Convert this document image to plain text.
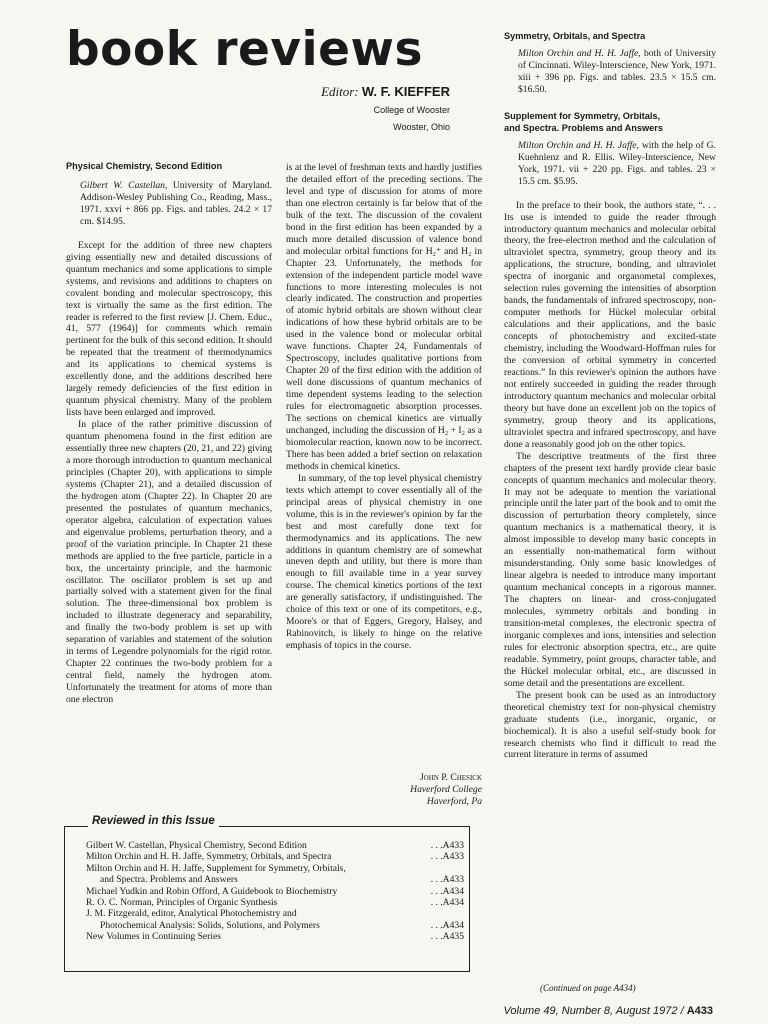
book reviews
Editor: W. F. KIEFFER
College of Wooster
Wooster, Ohio
Physical Chemistry, Second Edition

Gilbert W. Castellan, University of Maryland. Addison-Wesley Publishing Co., Reading, Mass., 1971. xxvi + 866 pp. Figs. and tables. 24.2 × 17 cm. $14.95.

Except for the addition of three new chapters giving essentially new and detailed discussions of quantum mechanics and some applications to simple systems, and revisions and additions to chapters on covalent bonding and molecular spectroscopy, this text is virtually the same as the first edition. The reader is referred to the first review [J. Chem. Educ., 41, 577 (1964)] for comments which remain pertinent for the bulk of this second edition. It should be repeated that the treatment of thermodynamics and its applications to chemical systems is excellently done, and the additions described here largely remedy deficiencies of the first edition in quantum physical chemistry. Many of the problem lists have been enlarged and improved.

In place of the rather primitive discussion of quantum phenomena found in the first edition are essentially three new chapters (20, 21, and 22) giving a more thorough introduction to quantum mechanical principles (Chapter 20), with applications to simple systems (Chapter 21), and a detailed discussion of the hydrogen atom (Chapter 22). In Chapter 20 are presented the postulates of quantum mechanics, operator algebra, calculation of expectation values and eigenvalue problems, perturbation theory, and a proof of the variation principle. In Chapter 21 these methods are applied to the free particle, particle in a box, the uncertainty principle, and the harmonic oscillator. The oscillator problem is set up and partially solved with a statement given for the final solution. The three-dimensional box problem is included to illustrate degeneracy and separability, and finally the two-body problem is set up with separation of variables and statement of the solution in terms of Legendre polynomials for the rigid rotor. Chapter 22 continues the two-body problem for a central field, namely the hydrogen atom. Unfortunately the treatment for atoms of more than one electron

is at the level of freshman texts and hardly justifies the detailed effort of the preceding sections. The level and type of discussion for atoms of more than one electron certainly is far below that of the bulk of the text. The discussion of the covalent bond in the first edition has been expanded by a much more detailed discussion of valence bond and molecular orbital functions for H₂⁺ and H₂ in Chapter 23. Unfortunately, the methods for extension of the independent particle model wave functions to more interesting molecules is not clearly indicated. The construction and properties of atomic hybrid orbitals are shown without clear indications of how these hybrid orbitals are to be used in the valence bond or molecular orbital wave functions. Chapter 24, Fundamentals of Spectroscopy, includes qualitative portions from Chapter 20 of the first edition with the addition of well done discussions of quantum mechanics of time dependent systems leading to the selection rules for electromagnetic absorption processes. The sections on chemical kinetics are virtually unchanged, including the discussion of H₂ + I₂ as a biomolecular reaction, known now to be incorrect. There has been added a brief section on relaxation methods in chemical kinetics.

In summary, of the top level physical chemistry texts which attempt to cover essentially all of the principal areas of physical chemistry in one volume, this is in the reviewer's opinion by far the best and most carefully done text for thermodynamics and its applications. The new additions in quantum chemistry are of somewhat uneven depth and utility, but there is more than enough to fill available time in a year survey course. The chemical kinetics portions of the text are generally satisfactory, if undistinguished. The choice of this text or one of its competitors, e.g., Moore's or that of Eggers, Gregory, Halsey, and Rabinovitch, is likely to hinge on the relative emphasis of topics in the course.

John P. Chesick
Haverford College
Haverford, Pa
Symmetry, Orbitals, and Spectra

Milton Orchin and H. H. Jaffe, both of University of Cincinnati. Wiley-Interscience, New York, 1971. xiii + 396 pp. Figs. and tables. 23.5 × 15.5 cm. $16.50.

Supplement for Symmetry, Orbitals,
and Spectra. Problems and Answers

Milton Orchin and H. H. Jaffe, with the help of G. Kuehnlenz and R. Ellis. Wiley-Interscience, New York, 1971. vii + 220 pp. Figs. and tables. 23 × 15.5 cm. $5.95.

In the preface to their book, the authors state, “. . . Its use is intended to guide the reader through introductory quantum mechanics and molecular orbital theory, the free-electron method and the calculation of ultraviolet spectra, symmetry, group theory and its applications, the structure, bonding, and ultraviolet spectra of inorganic and organometal complexes, selection rules governing the intensities of absorption bands, the fundamentals of infrared spectroscopy, non-computer methods for Hückel molecular orbital calculations and their applications, and the basic concepts of photochemistry and excited-state chemistry, including the Woodward-Hoffman rules for the conversion of orbital symmetry in concerted reactions.” In this reviewer's opinion the authors have not entirely succeeded in guiding the reader through introductory quantum mechanics and molecular orbital theory but have done an excellent job on the topics of symmetry, group theory and its applications, ultraviolet spectra and infrared spectroscopy, and have done a reasonably good job on the other topics.

The descriptive treatments of the first three chapters of the present text hardly provide clear basic concepts of quantum mechanics and molecular theory. It may not be adequate to mention the variational principle until the later part of the book and to omit the discussion of perturbation theory completely, since quantum mechanics is a mathematical theory, it is almost impossible to develop many basic concepts in an essentially non-mathematical form without misunderstanding. Only some basic knowledges of linear algebra is needed to introduce many important quantum mechanical concepts in a rigorous manner. The chapters on linear- and cross-conjugated molecules, symmetry orbitals and bonding in transition-metal complexes, the electronic spectra of inorganic complexes and ions, intensities and selection rules for electronic absorption spectra, etc., are quite readable. Symmetry, point groups, character table, and the Hückel molecular orbital, etc., are discussed in some detail and the presentations are excellent.

The present book can be used as an introductory theoretical chemistry text for non-physical chemistry graduate students (i.e., inorganic, organic, or biochemical). It is also a useful self-study book for research chemists who find it difficult to read the current literature in terms of assumed

(Continued on page A434)
Reviewed in this Issue
Gilbert W. Castellan, Physical Chemistry, Second Edition	. . .A433
Milton Orchin and H. H. Jaffe, Symmetry, Orbitals, and Spectra	. . .A433
Milton Orchin and H. H. Jaffe, Supplement for Symmetry, Orbitals,
and Spectra. Problems and Answers	. . .A433
Michael Yudkin and Robin Offord, A Guidebook to Biochemistry	. . .A434
R. O. C. Norman, Principles of Organic Synthesis	. . .A434
J. M. Fitzgerald, editor, Analytical Photochemistry and
Photochemical Analysis: Solids, Solutions, and Polymers	. . .A434
New Volumes in Continuing Series	. . .A435
Volume 49, Number 8, August 1972 / A433
